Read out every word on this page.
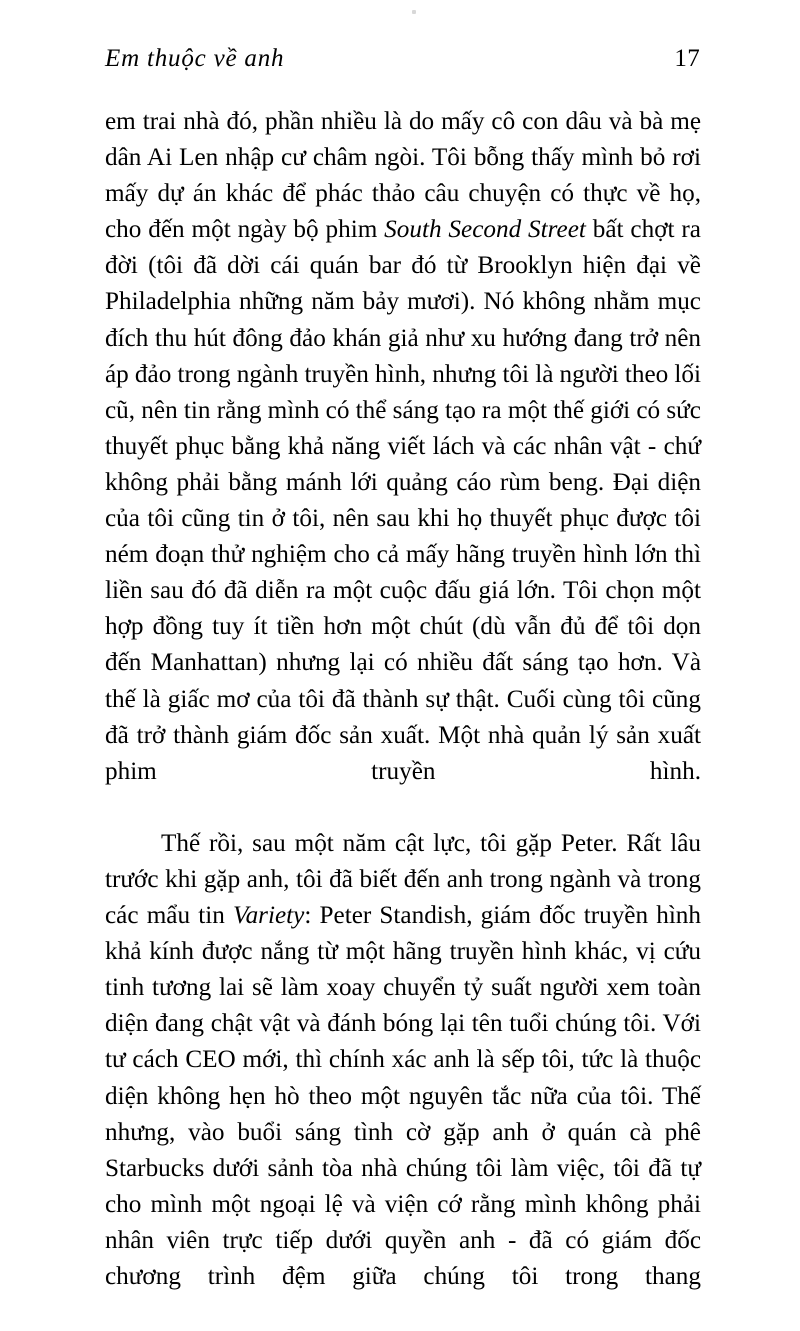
Em thuộc về anh	17

em trai nhà đó, phần nhiều là do mấy cô con dâu và bà mẹ dân Ai Len nhập cư châm ngòi. Tôi bỗng thấy mình bỏ rơi mấy dự án khác để phác thảo câu chuyện có thực về họ, cho đến một ngày bộ phim South Second Street bất chợt ra đời (tôi đã dời cái quán bar đó từ Brooklyn hiện đại về Philadelphia những năm bảy mươi). Nó không nhằm mục đích thu hút đông đảo khán giả như xu hướng đang trở nên áp đảo trong ngành truyền hình, nhưng tôi là người theo lối cũ, nên tin rằng mình có thể sáng tạo ra một thế giới có sức thuyết phục bằng khả năng viết lách và các nhân vật - chứ không phải bằng mánh lới quảng cáo rùm beng. Đại diện của tôi cũng tin ở tôi, nên sau khi họ thuyết phục được tôi ném đoạn thử nghiệm cho cả mấy hãng truyền hình lớn thì liền sau đó đã diễn ra một cuộc đấu giá lớn. Tôi chọn một hợp đồng tuy ít tiền hơn một chút (dù vẫn đủ để tôi dọn đến Manhattan) nhưng lại có nhiều đất sáng tạo hơn. Và thế là giấc mơ của tôi đã thành sự thật. Cuối cùng tôi cũng đã trở thành giám đốc sản xuất. Một nhà quản lý sản xuất phim truyền hình.

Thế rồi, sau một năm cật lực, tôi gặp Peter. Rất lâu trước khi gặp anh, tôi đã biết đến anh trong ngành và trong các mẩu tin Variety: Peter Standish, giám đốc truyền hình khả kính được nắng từ một hãng truyền hình khác, vị cứu tinh tương lai sẽ làm xoay chuyển tỷ suất người xem toàn diện đang chật vật và đánh bóng lại tên tuổi chúng tôi. Với tư cách CEO mới, thì chính xác anh là sếp tôi, tức là thuộc diện không hẹn hò theo một nguyên tắc nữa của tôi. Thế nhưng, vào buổi sáng tình cờ gặp anh ở quán cà phê Starbucks dưới sảnh tòa nhà chúng tôi làm việc, tôi đã tự cho mình một ngoại lệ và viện cớ rằng mình không phải nhân viên trực tiếp dưới quyền anh - đã có giám đốc chương trình đệm giữa chúng tôi trong thang
